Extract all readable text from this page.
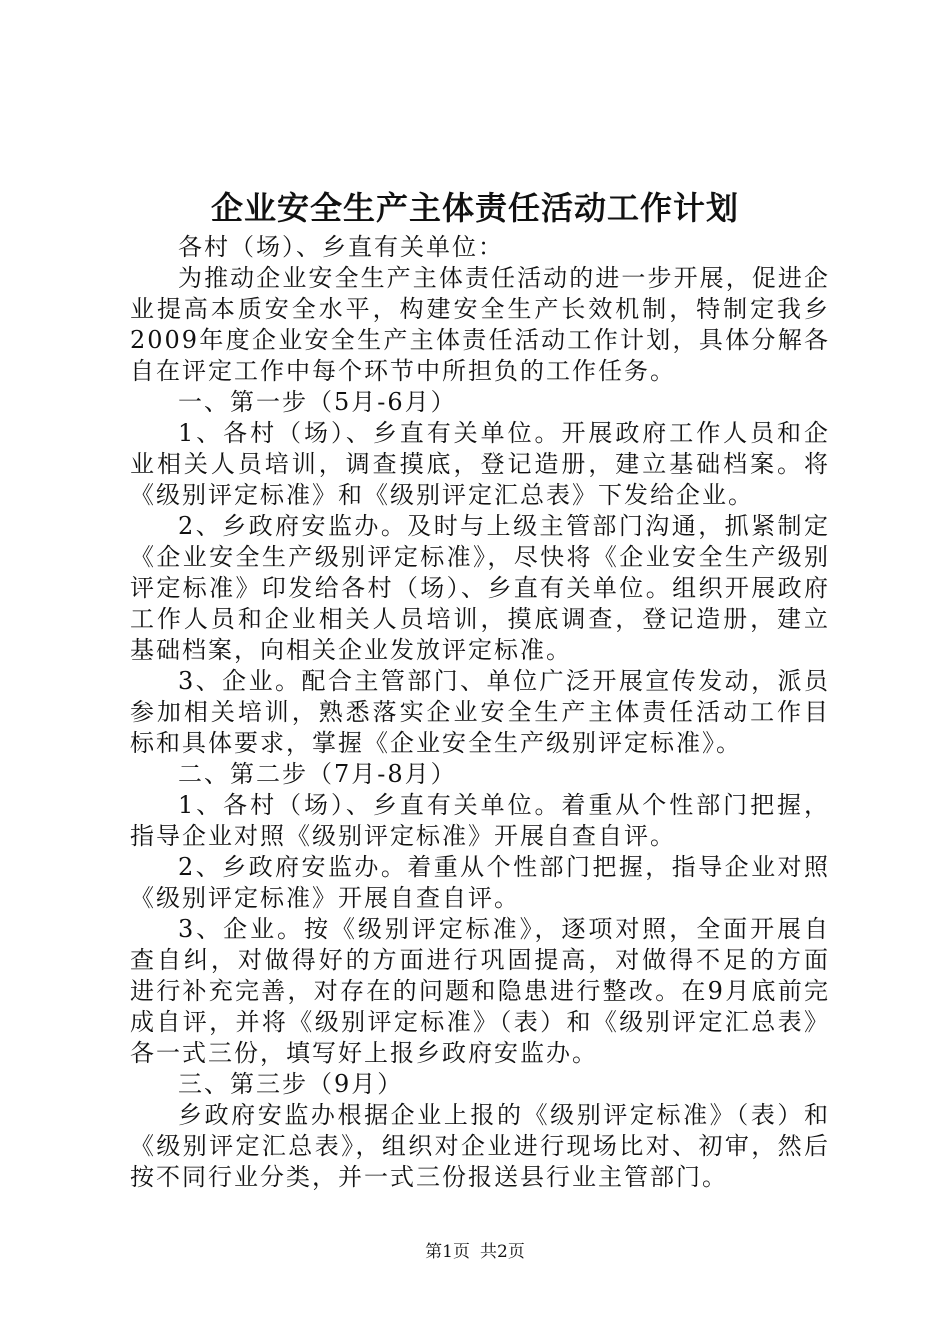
企业安全生产主体责任活动工作计划

各村（场）、乡直有关单位：

为推动企业安全生产主体责任活动的进一步开展，促进企业提高本质安全水平，构建安全生产长效机制，特制定我乡2009年度企业安全生产主体责任活动工作计划，具体分解各自在评定工作中每个环节中所担负的工作任务。

一、第一步（5月-6月）

1、各村（场）、乡直有关单位。开展政府工作人员和企业相关人员培训，调查摸底，登记造册，建立基础档案。将《级别评定标准》和《级别评定汇总表》下发给企业。

2、乡政府安监办。及时与上级主管部门沟通，抓紧制定《企业安全生产级别评定标准》，尽快将《企业安全生产级别评定标准》印发给各村（场）、乡直有关单位。组织开展政府工作人员和企业相关人员培训，摸底调查，登记造册，建立基础档案，向相关企业发放评定标准。

3、企业。配合主管部门、单位广泛开展宣传发动，派员参加相关培训，熟悉落实企业安全生产主体责任活动工作目标和具体要求，掌握《企业安全生产级别评定标准》。

二、第二步（7月-8月）

1、各村（场）、乡直有关单位。着重从个性部门把握，指导企业对照《级别评定标准》开展自查自评。

2、乡政府安监办。着重从个性部门把握，指导企业对照《级别评定标准》开展自查自评。

3、企业。按《级别评定标准》，逐项对照，全面开展自查自纠，对做得好的方面进行巩固提高，对做得不足的方面进行补充完善，对存在的问题和隐患进行整改。在9月底前完成自评，并将《级别评定标准》（表）和《级别评定汇总表》各一式三份，填写好上报乡政府安监办。

三、第三步（9月）

乡政府安监办根据企业上报的《级别评定标准》（表）和《级别评定汇总表》，组织对企业进行现场比对、初审，然后按不同行业分类，并一式三份报送县行业主管部门。

第1页 共2页
